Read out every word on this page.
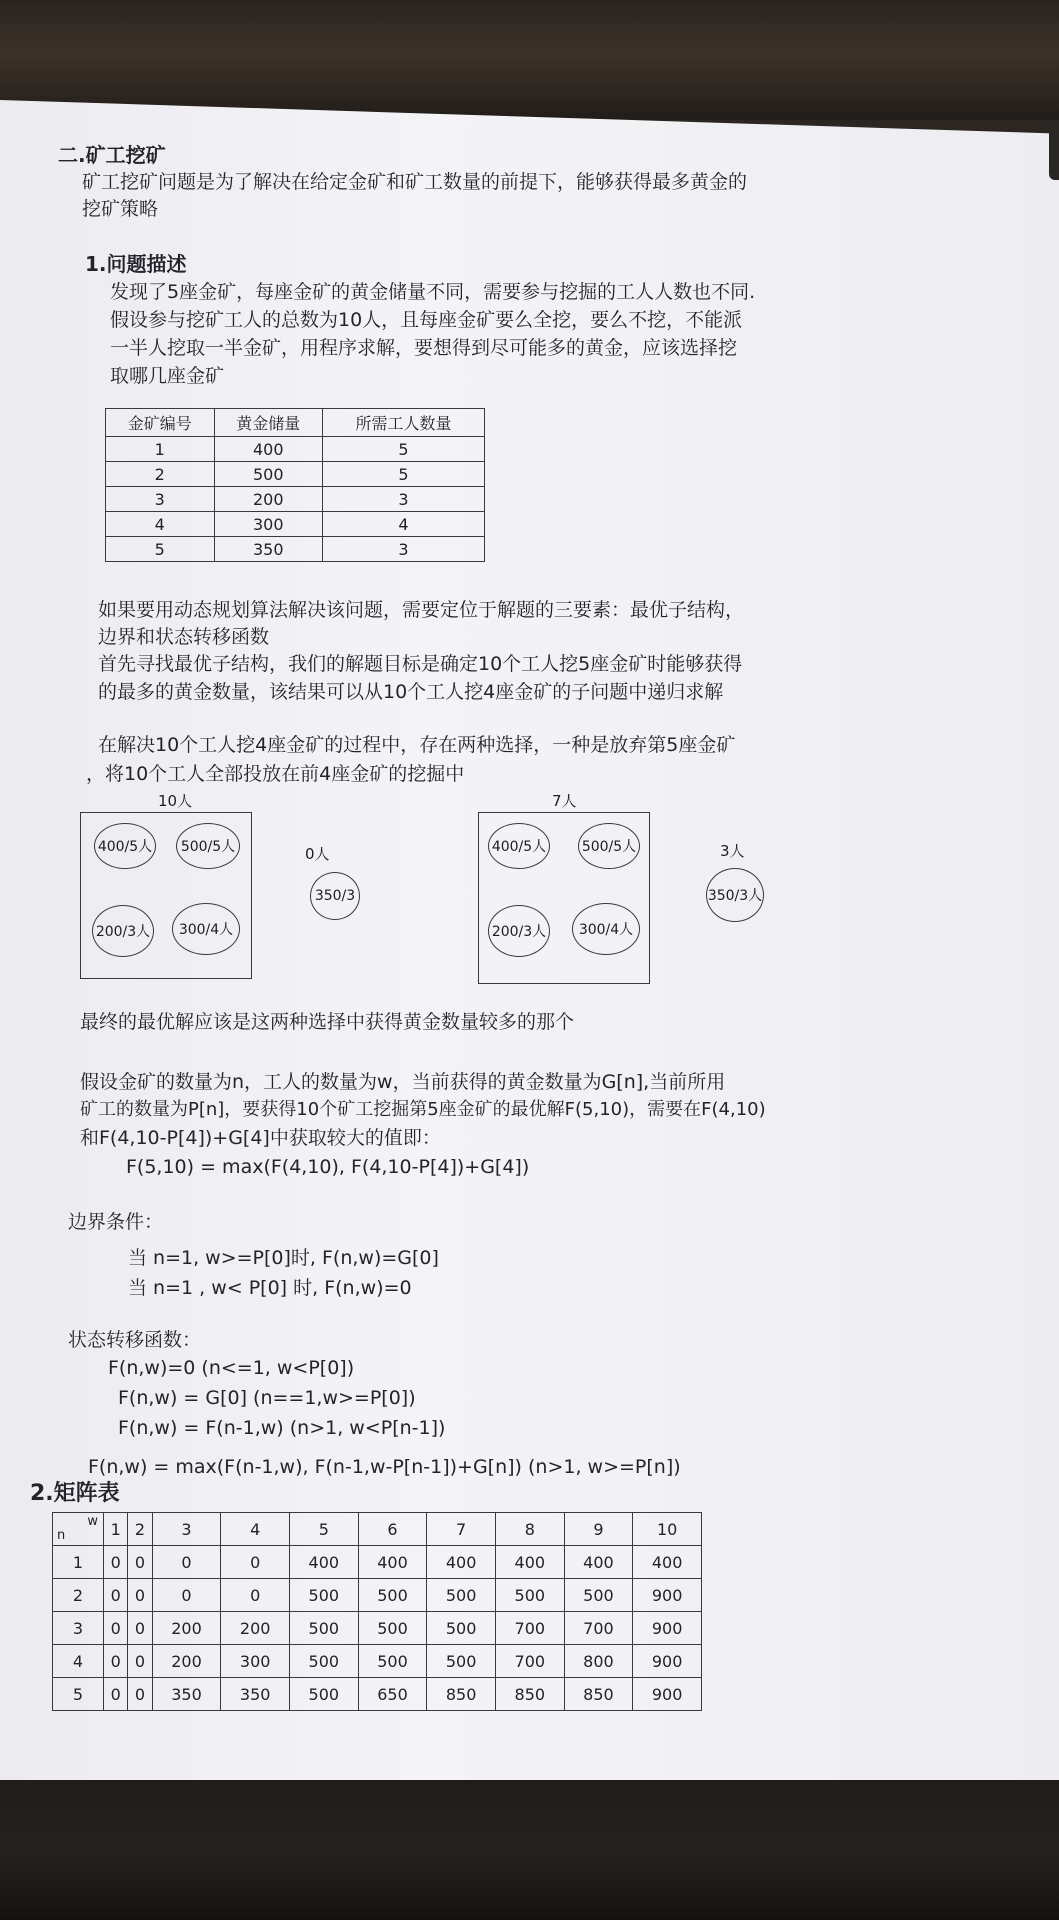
二.矿工挖矿
矿工挖矿问题是为了解决在给定金矿和矿工数量的前提下，能够获得最多黄金的
挖矿策略
1.问题描述
发现了5座金矿，每座金矿的黄金储量不同，需要参与挖掘的工人人数也不同.
假设参与挖矿工人的总数为10人，且每座金矿要么全挖，要么不挖，不能派
一半人挖取一半金矿，用程序求解，要想得到尽可能多的黄金，应该选择挖
取哪几座金矿
金矿编号	黄金储量	所需工人数量
1	400	5
2	500	5
3	200	3
4	300	4
5	350	3
如果要用动态规划算法解决该问题，需要定位于解题的三要素：最优子结构，
边界和状态转移函数
首先寻找最优子结构，我们的解题目标是确定10个工人挖5座金矿时能够获得
的最多的黄金数量，该结果可以从10个工人挖4座金矿的子问题中递归求解
在解决10个工人挖4座金矿的过程中，存在两种选择，一种是放弃第5座金矿
，将10个工人全部投放在前4座金矿的挖掘中
10人
400/5人	500/5人
200/3人	300/4人
0人
350/3
7人
400/5人	500/5人
200/3人	300/4人
3人
350/3人
最终的最优解应该是这两种选择中获得黄金数量较多的那个
假设金矿的数量为n，工人的数量为w，当前获得的黄金数量为G[n],当前所用
矿工的数量为P[n]，要获得10个矿工挖掘第5座金矿的最优解F(5,10)，需要在F(4,10)
和F(4,10-P[4])+G[4]中获取较大的值即：
F(5,10) = max(F(4,10), F(4,10-P[4])+G[4])
边界条件：
当 n=1, w>=P[0]时, F(n,w)=G[0]
当 n=1 , w< P[0] 时, F(n,w)=0
状态转移函数：
F(n,w)=0 (n<=1, w<P[0])
F(n,w) = G[0] (n==1,w>=P[0])
F(n,w) = F(n-1,w) (n>1, w<P[n-1])
F(n,w) = max(F(n-1,w), F(n-1,w-P[n-1])+G[n]) (n>1, w>=P[n])
2.矩阵表
n
w	1	2	3	4	5	6	7	8	9	10
1	0	0	0	0	400	400	400	400	400	400
2	0	0	0	0	500	500	500	500	500	900
3	0	0	200	200	500	500	500	700	700	900
4	0	0	200	300	500	500	500	700	800	900
5	0	0	350	350	500	650	850	850	850	900
